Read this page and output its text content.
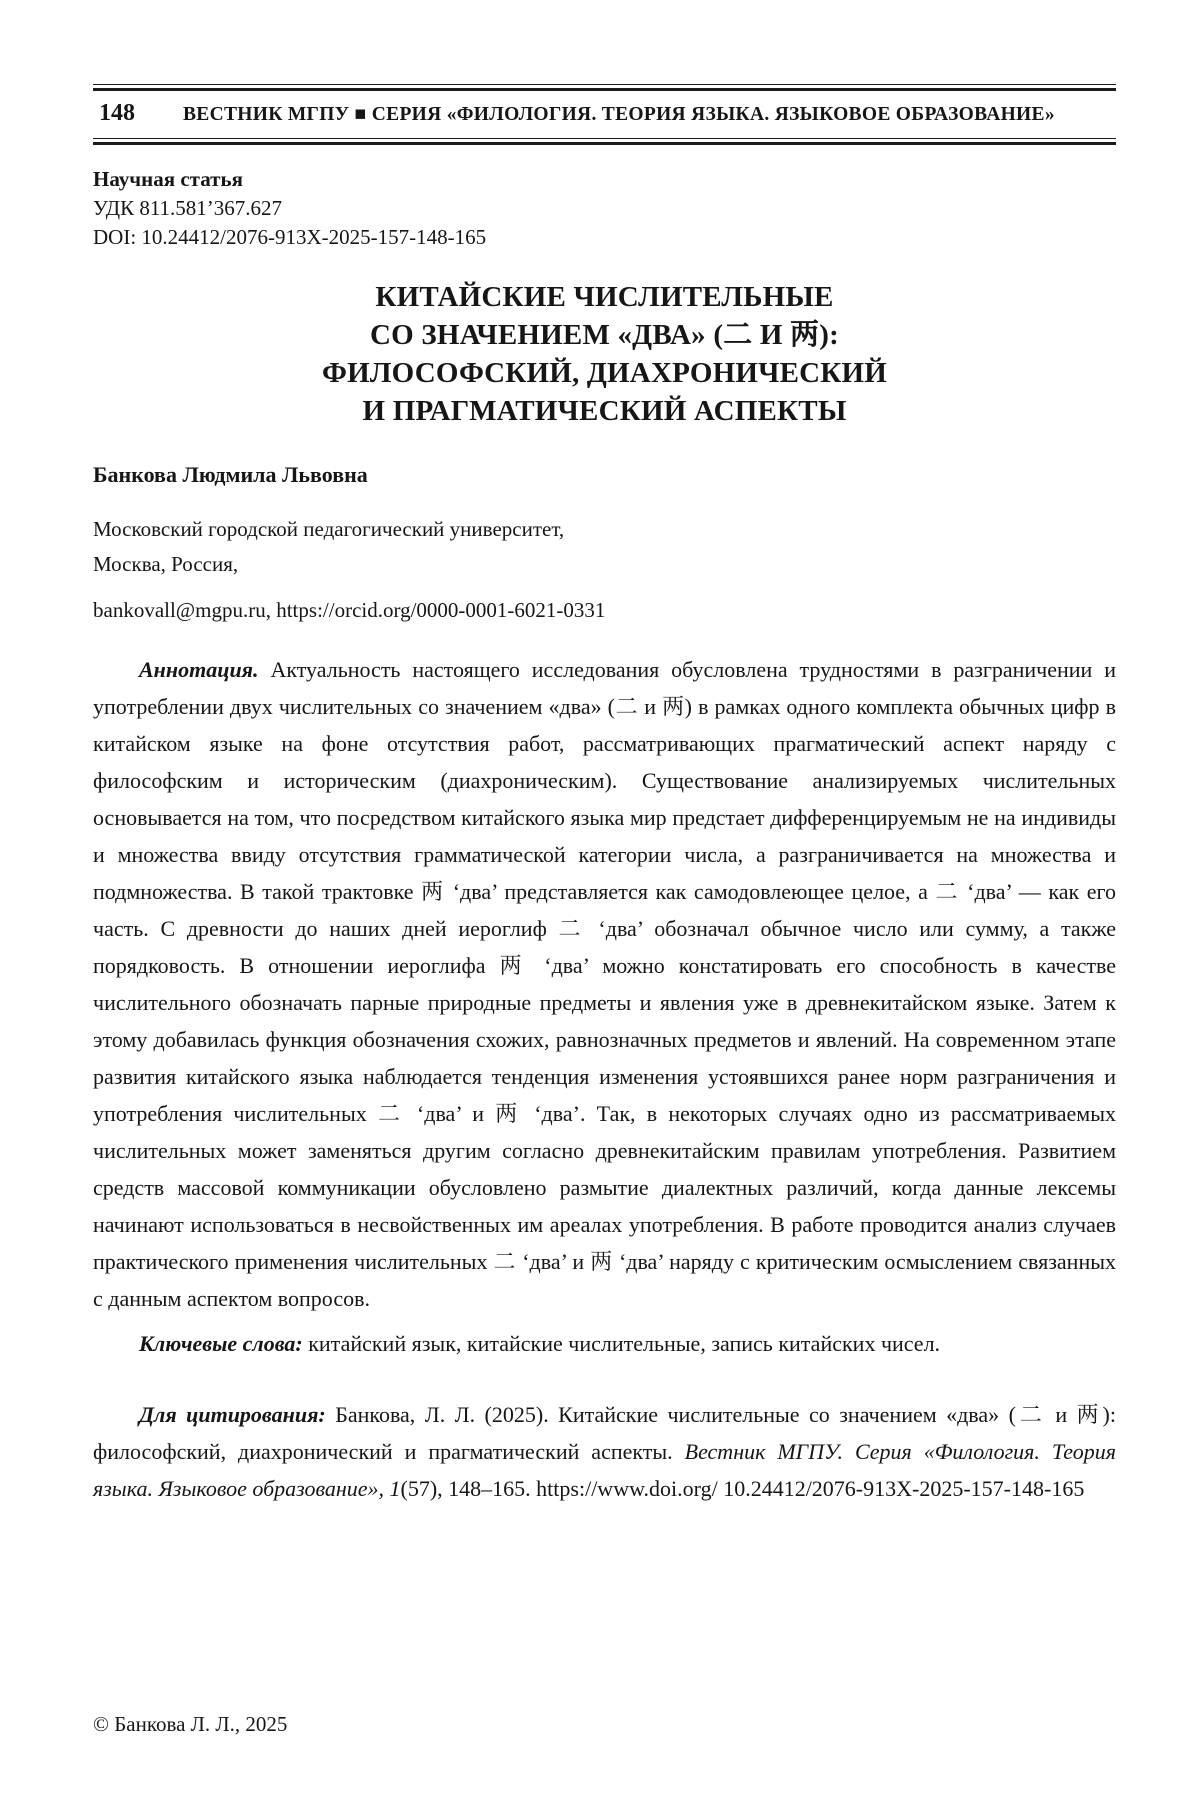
148 ВЕСТНИК МГПУ ■ СЕРИЯ «ФИЛОЛОГИЯ. ТЕОРИЯ ЯЗЫКА. ЯЗЫКОВОЕ ОБРАЗОВАНИЕ»
Научная статья
УДК 811.581’367.627
DOI: 10.24412/2076-913X-2025-157-148-165
КИТАЙСКИЕ ЧИСЛИТЕЛЬНЫЕ
СО ЗНАЧЕНИЕМ «ДВА» (二 И 两):
ФИЛОСОФСКИЙ, ДИАХРОНИЧЕСКИЙ
И ПРАГМАТИЧЕСКИЙ АСПЕКТЫ
Банкова Людмила Львовна
Московский городской педагогический университет,
Москва, Россия,
bankovall@mgpu.ru, https://orcid.org/0000-0001-6021-0331

Аннотация. Актуальность настоящего исследования обусловлена трудностями в разграничении и употреблении двух числительных со значением «два» (二 и 两) в рамках одного комплекта обычных цифр в китайском языке на фоне отсутствия работ, рассматривающих прагматический аспект наряду с философским и историческим (диахроническим). Существование анализируемых числительных основывается на том, что посредством китайского языка мир предстает дифференцируемым не на индивиды и множества ввиду отсутствия грамматической категории числа, а разграничивается на множества и подмножества. В такой трактовке 两 ‘два’ представляется как самодовлеющее целое, а 二 ‘два’ — как его часть. С древности до наших дней иероглиф 二 ‘два’ обозначал обычное число или сумму, а также порядковость. В отношении иероглифа 两 ‘два’ можно констатировать его способность в качестве числительного обозначать парные природные предметы и явления уже в древнекитайском языке. Затем к этому добавилась функция обозначения схожих, равнозначных предметов и явлений. На современном этапе развития китайского языка наблюдается тенденция изменения устоявшихся ранее норм разграничения и употребления числительных 二 ‘два’ и 两 ‘два’. Так, в некоторых случаях одно из рассматриваемых числительных может заменяться другим согласно древнекитайским правилам употребления. Развитием средств массовой коммуникации обусловлено размытие диалектных различий, когда данные лексемы начинают использоваться в несвойственных им ареалах употребления. В работе проводится анализ случаев практического применения числительных 二 ‘два’ и 两 ‘два’ наряду с критическим осмыслением связанных с данным аспектом вопросов.

Ключевые слова: китайский язык, китайские числительные, запись китайских чисел.

Для цитирования: Банкова, Л. Л. (2025). Китайские числительные со значением «два» (二 и 两): философский, диахронический и прагматический аспекты. Вестник МГПУ. Серия «Филология. Теория языка. Языковое образование», 1(57), 148–165. https://www.doi.org/ 10.24412/2076-913X-2025-157-148-165

© Банкова Л. Л., 2025
